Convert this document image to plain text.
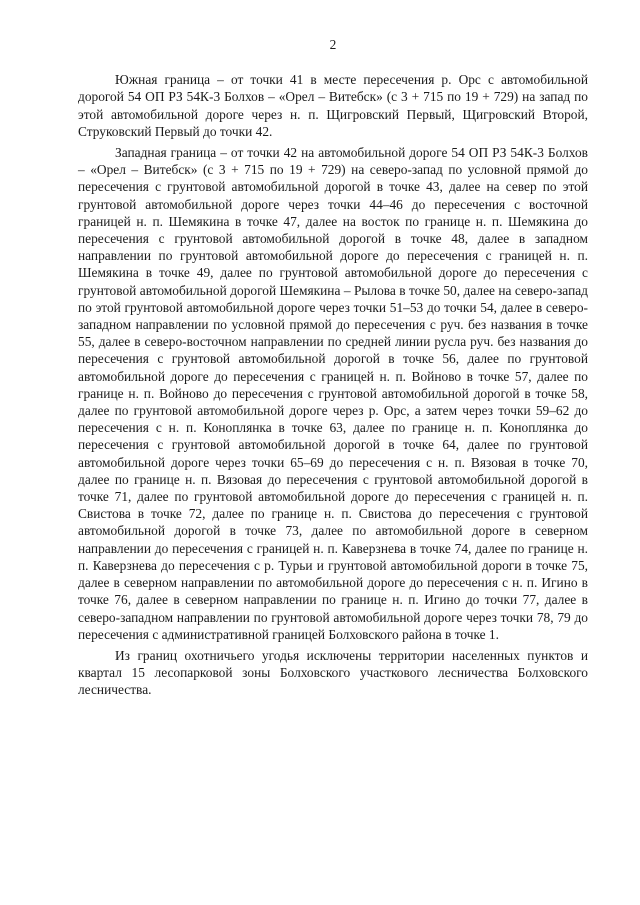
2

Южная граница – от точки 41 в месте пересечения р. Орс с автомобильной дорогой 54 ОП РЗ 54К-3 Болхов – «Орел – Витебск» (с 3 + 715 по 19 + 729) на запад по этой автомобильной дороге через н. п. Щигровский Первый, Щигровский Второй, Струковский Первый до точки 42.

Западная граница – от точки 42 на автомобильной дороге 54 ОП РЗ 54К-3 Болхов – «Орел – Витебск» (с 3 + 715 по 19 + 729) на северо-запад по условной прямой до пересечения с грунтовой автомобильной дорогой в точке 43, далее на север по этой грунтовой автомобильной дороге через точки 44–46 до пересечения с восточной границей н. п. Шемякина в точке 47, далее на восток по границе н. п. Шемякина до пересечения с грунтовой автомобильной дорогой в точке 48, далее в западном направлении по грунтовой автомобильной дороге до пересечения с границей н. п. Шемякина в точке 49, далее по грунтовой автомобильной дороге до пересечения с грунтовой автомобильной дорогой Шемякина – Рылова в точке 50, далее на северо-запад по этой грунтовой автомобильной дороге через точки 51–53 до точки 54, далее в северо-западном направлении по условной прямой до пересечения с руч. без названия в точке 55, далее в северо-восточном направлении по средней линии русла руч. без названия до пересечения с грунтовой автомобильной дорогой в точке 56, далее по грунтовой автомобильной дороге до пересечения с границей н. п. Войново в точке 57, далее по границе н. п. Войново до пересечения с грунтовой автомобильной дорогой в точке 58, далее по грунтовой автомобильной дороге через р. Орс, а затем через точки 59–62 до пересечения с н. п. Коноплянка в точке 63, далее по границе н. п. Коноплянка до пересечения с грунтовой автомобильной дорогой в точке 64, далее по грунтовой автомобильной дороге через точки 65–69 до пересечения с н. п. Вязовая в точке 70, далее по границе н. п. Вязовая до пересечения с грунтовой автомобильной дорогой в точке 71, далее по грунтовой автомобильной дороге до пересечения с границей н. п. Свистова в точке 72, далее по границе н. п. Свистова до пересечения с грунтовой автомобильной дорогой в точке 73, далее по автомобильной дороге в северном направлении до пересечения с границей н. п. Каверзнева в точке 74, далее по границе н. п. Каверзнева до пересечения с р. Турьи и грунтовой автомобильной дороги в точке 75, далее в северном направлении по автомобильной дороге до пересечения с н. п. Игино в точке 76, далее в северном направлении по границе н. п. Игино до точки 77, далее в северо-западном направлении по грунтовой автомобильной дороге через точки 78, 79 до пересечения с административной границей Болховского района в точке 1.

Из границ охотничьего угодья исключены территории населенных пунктов и квартал 15 лесопарковой зоны Болховского участкового лесничества Болховского лесничества.
